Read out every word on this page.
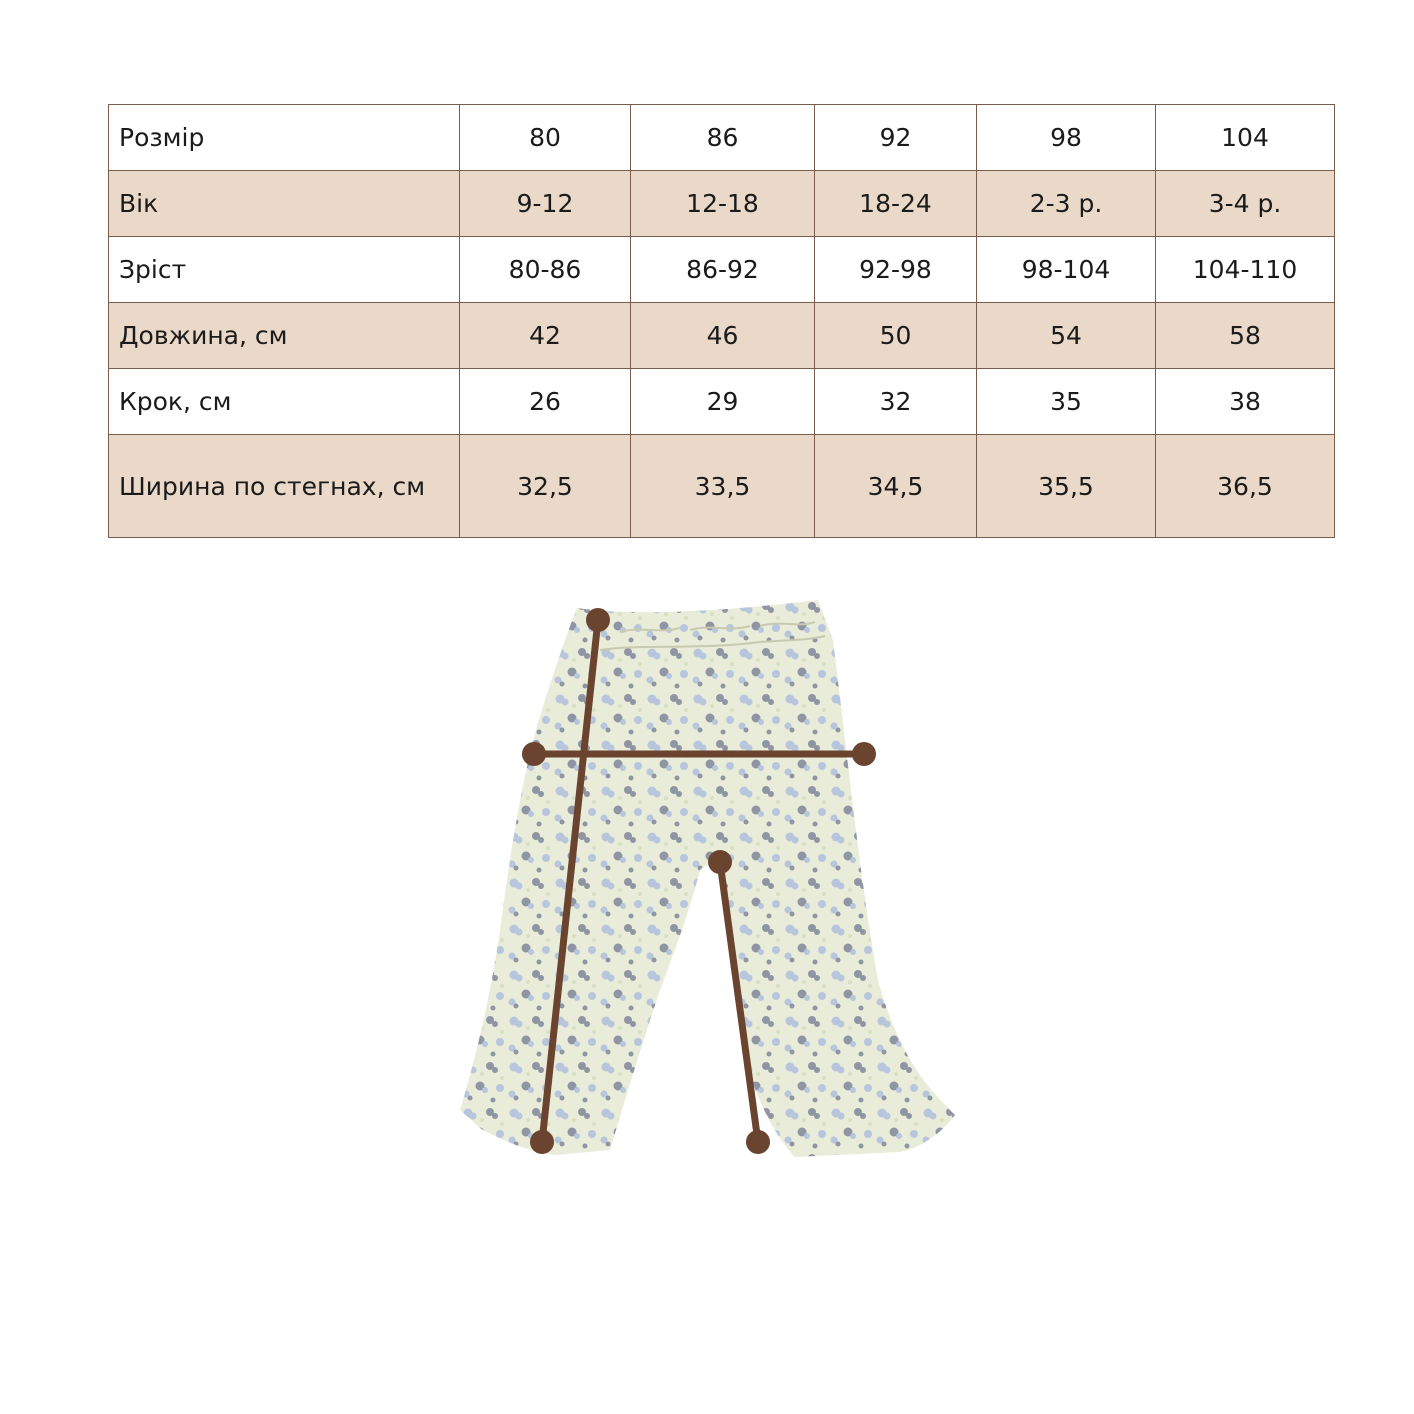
Розмір	80	86	92	98	104
Вік	9-12	12-18	18-24	2-3 р.	3-4 р.
Зріст	80-86	86-92	92-98	98-104	104-110
Довжина, см	42	46	50	54	58
Крок, см	26	29	32	35	38
Ширина по стегнах, см	32,5	33,5	34,5	35,5	36,5
